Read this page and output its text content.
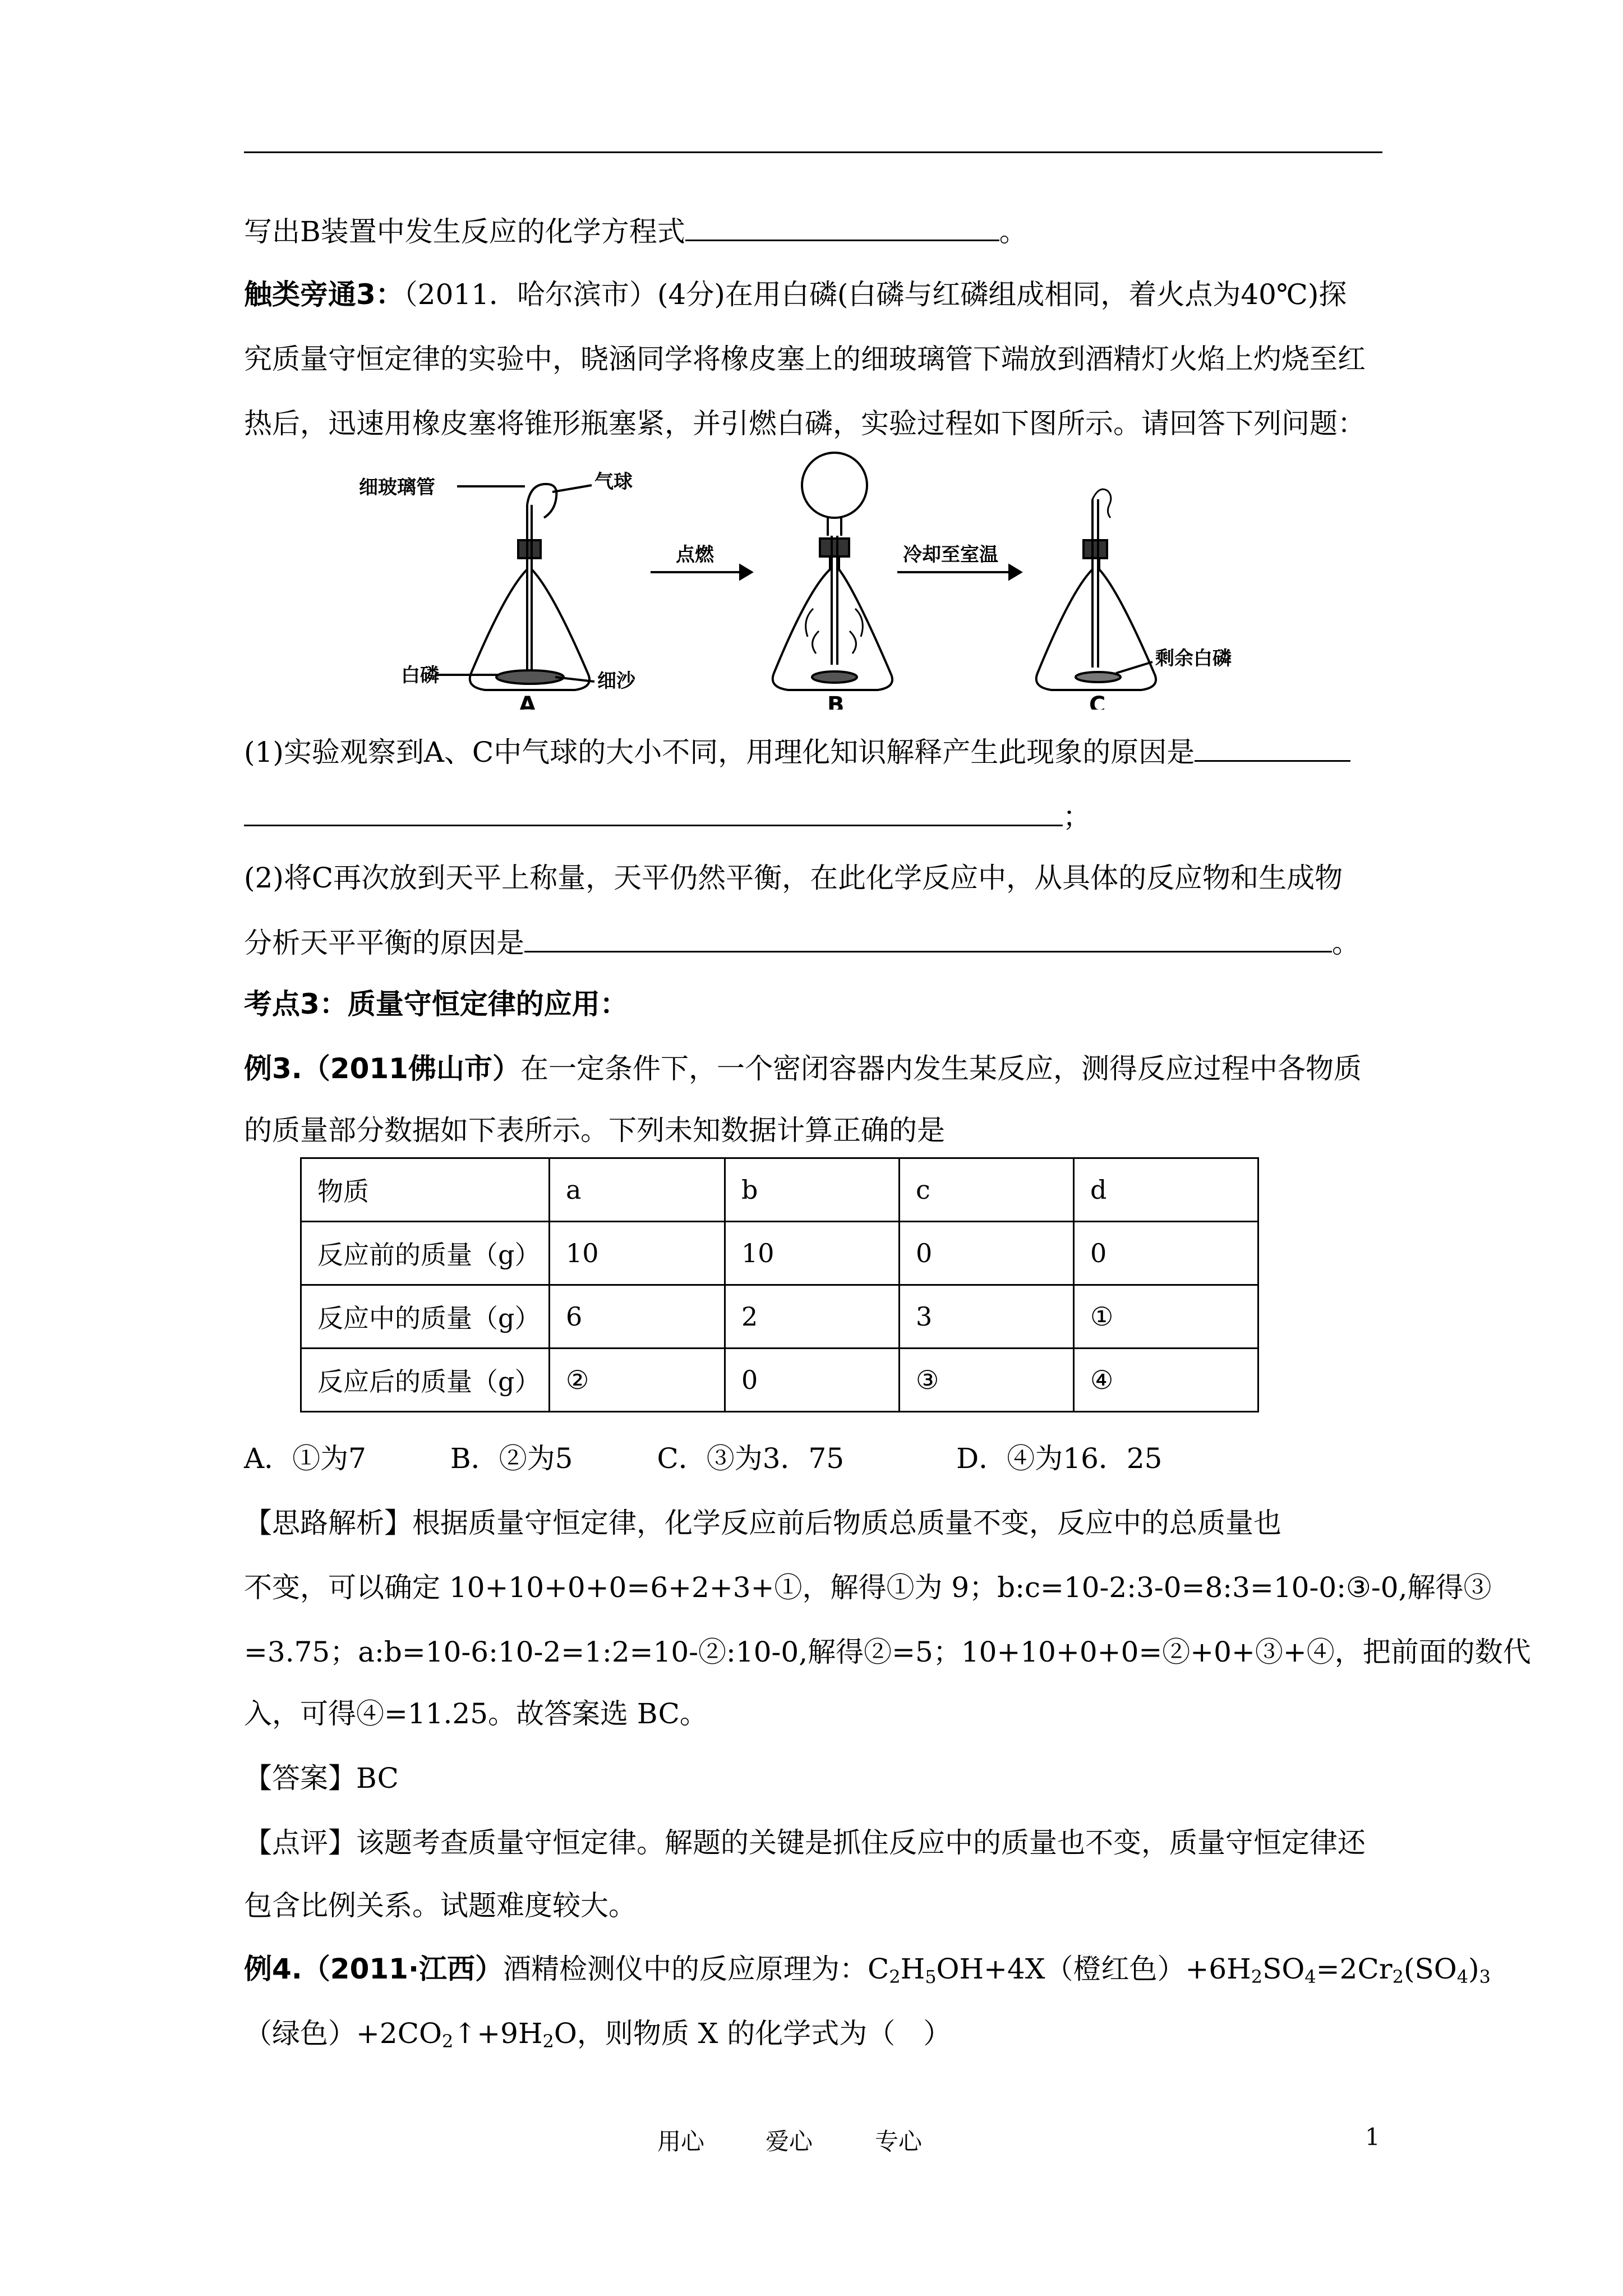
写出B装置中发生反应的化学方程式	。
触类旁通3：（2011．哈尔滨市）(4分)在用白磷(白磷与红磷组成相同，着火点为40℃)探
究质量守恒定律的实验中，晓涵同学将橡皮塞上的细玻璃管下端放到酒精灯火焰上灼烧至红
热后，迅速用橡皮塞将锥形瓶塞紧，并引燃白磷，实验过程如下图所示。请回答下列问题：
细玻璃管	气球
白磷	细沙
A
点燃
B
冷却至室温
剩余白磷
C
(1)实验观察到A、C中气球的大小不同，用理化知识解释产生此现象的原因是
；
(2)将C再次放到天平上称量，天平仍然平衡，在此化学反应中，从具体的反应物和生成物
分析天平平衡的原因是	。
考点3：质量守恒定律的应用：
例3.（2011佛山市）在一定条件下，一个密闭容器内发生某反应，测得反应过程中各物质
的质量部分数据如下表所示。下列未知数据计算正确的是
物质	a	b	c	d
反应前的质量（g）	10	10	0	0
反应中的质量（g）	6	2	3	①
反应后的质量（g）	②	0	③	④
A．①为7　　　B．②为5　　　C．③为3．75　　　　D．④为16．25
【思路解析】根据质量守恒定律，化学反应前后物质总质量不变，反应中的总质量也
不变，可以确定 10+10+0+0=6+2+3+①，解得①为 9；b:c=10-2:3-0=8:3=10-0:③-0,解得③
=3.75；a:b=10-6:10-2=1:2=10-②:10-0,解得②=5；10+10+0+0=②+0+③+④，把前面的数代
入，可得④=11.25。故答案选 BC。
【答案】BC
【点评】该题考查质量守恒定律。解题的关键是抓住反应中的质量也不变，质量守恒定律还
包含比例关系。试题难度较大。
例4.（2011·江西）酒精检测仪中的反应原理为：$C_2H_5OH+4X$（橙红色）$+6H_2SO_4=2Cr_2(SO_4)_3$
（绿色）$+2CO_2↑+9H_2O$，则物质 X 的化学式为（　）
用心	爱心	专心	1
